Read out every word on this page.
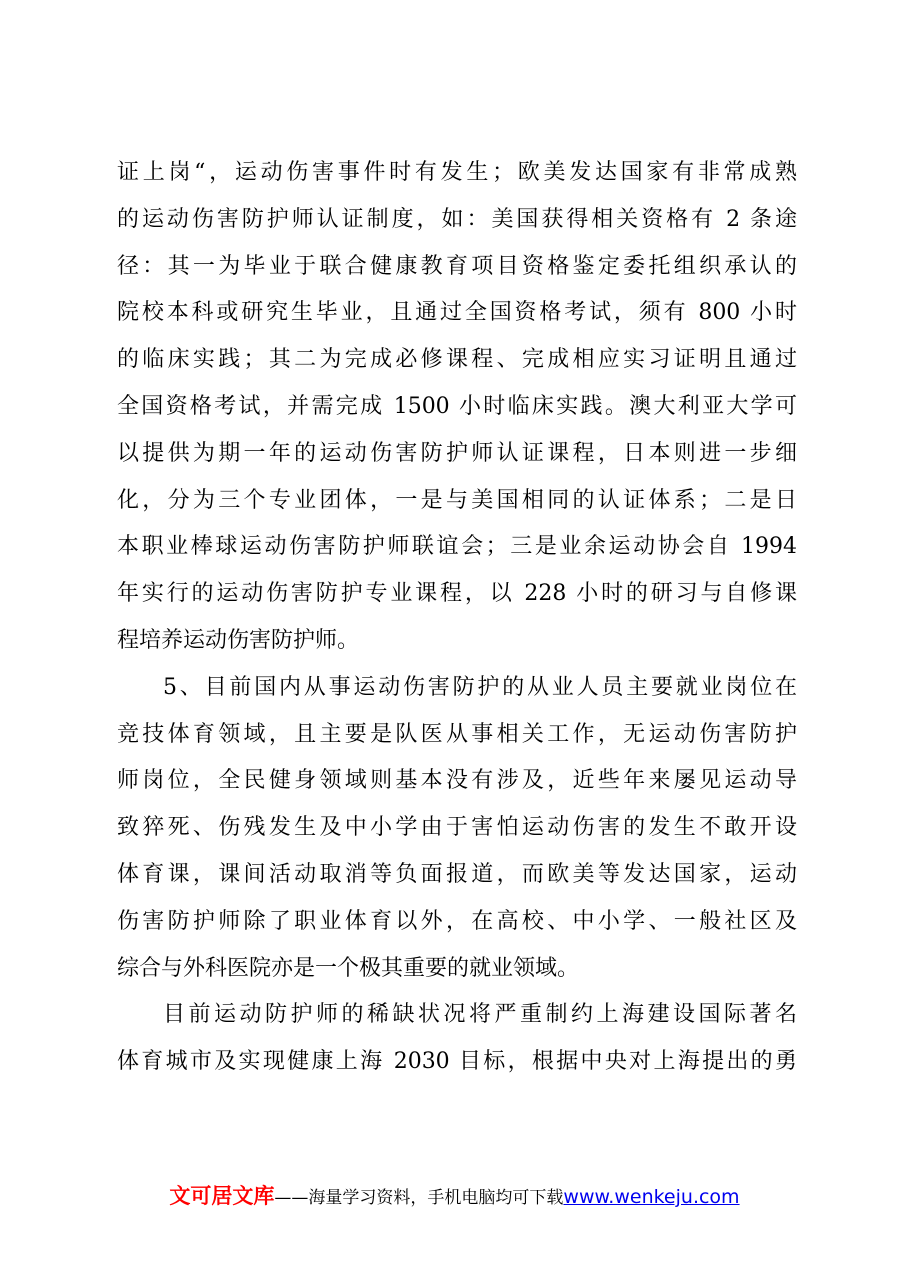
证上岗“，运动伤害事件时有发生；欧美发达国家有非常成熟
的运动伤害防护师认证制度，如：美国获得相关资格有 2 条途
径：其一为毕业于联合健康教育项目资格鉴定委托组织承认的
院校本科或研究生毕业，且通过全国资格考试，须有 800 小时
的临床实践；其二为完成必修课程、完成相应实习证明且通过
全国资格考试，并需完成 1500 小时临床实践。澳大利亚大学可
以提供为期一年的运动伤害防护师认证课程，日本则进一步细
化，分为三个专业团体，一是与美国相同的认证体系；二是日
本职业棒球运动伤害防护师联谊会；三是业余运动协会自 1994
年实行的运动伤害防护专业课程，以 228 小时的研习与自修课
程培养运动伤害防护师。
5、目前国内从事运动伤害防护的从业人员主要就业岗位在
竞技体育领域，且主要是队医从事相关工作，无运动伤害防护
师岗位，全民健身领域则基本没有涉及，近些年来屡见运动导
致猝死、伤残发生及中小学由于害怕运动伤害的发生不敢开设
体育课，课间活动取消等负面报道，而欧美等发达国家，运动
伤害防护师除了职业体育以外，在高校、中小学、一般社区及
综合与外科医院亦是一个极其重要的就业领域。
目前运动防护师的稀缺状况将严重制约上海建设国际著名
体育城市及实现健康上海 2030 目标，根据中央对上海提出的勇
文可居文库——海量学习资料，手机电脑均可下载www.wenkeju.com
